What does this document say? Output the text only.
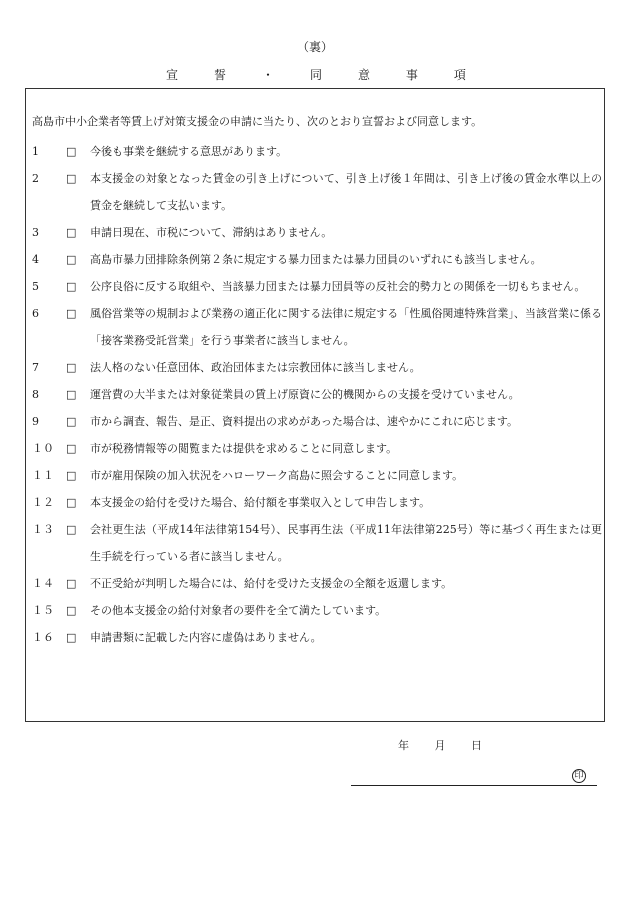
（裏）
宣	誓	・	同	意	事	項
高島市中小企業者等賃上げ対策支援金の申請に当たり、次のとおり宣誓および同意します。
1	□ 今後も事業を継続する意思があります。
2	□ 本支援金の対象となった賃金の引き上げについて、引き上げ後１年間は、引き上げ後の賃金水準以上の賃金を継続して支払います。
3	□ 申請日現在、市税について、滞納はありません。
4	□ 高島市暴力団排除条例第２条に規定する暴力団または暴力団員のいずれにも該当しません。
5	□ 公序良俗に反する取組や、当該暴力団または暴力団員等の反社会的勢力との関係を一切もちません。
6	□ 風俗営業等の規制および業務の適正化に関する法律に規定する「性風俗関連特殊営業」、当該営業に係る「接客業務受託営業」を行う事業者に該当しません。
7	□ 法人格のない任意団体、政治団体または宗教団体に該当しません。
8	□ 運営費の大半または対象従業員の賃上げ原資に公的機関からの支援を受けていません。
9	□ 市から調査、報告、是正、資料提出の求めがあった場合は、速やかにこれに応じます。
１０	□ 市が税務情報等の閲覧または提供を求めることに同意します。
１１	□ 市が雇用保険の加入状況をハローワーク高島に照会することに同意します。
１２	□ 本支援金の給付を受けた場合、給付額を事業収入として申告します。
１３	□ 会社更生法（平成14年法律第154号）、民事再生法（平成11年法律第225号）等に基づく再生または更生手続を行っている者に該当しません。
１４	□ 不正受給が判明した場合には、給付を受けた支援金の全額を返還します。
１５	□ その他本支援金の給付対象者の要件を全て満たしています。
１６	□ 申請書類に記載した内容に虚偽はありません。
年 月 日
印
